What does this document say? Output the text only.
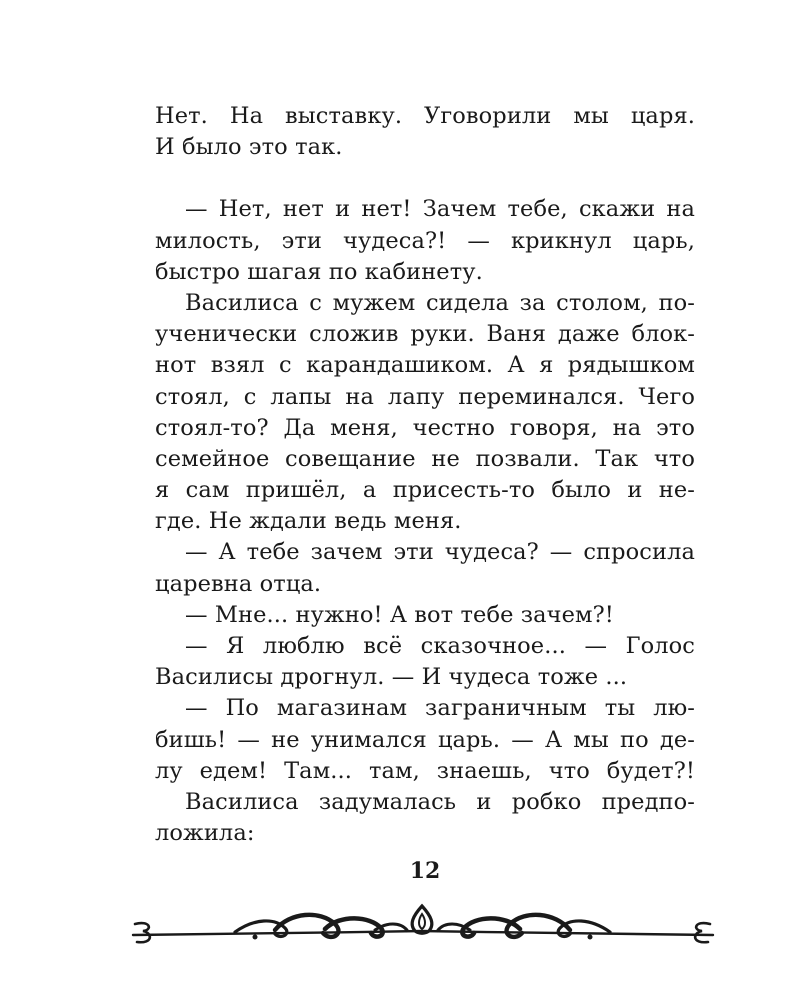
Нет. На выставку. Уговорили мы царя.
И было это так.
— Нет, нет и нет! Зачем тебе, скажи на
милость, эти чудеса?! — крикнул царь,
быстро шагая по кабинету.
Василиса с мужем сидела за столом, по-
ученически сложив руки. Ваня даже блок-
нот взял с карандашиком. А я рядышком
стоял, с лапы на лапу переминался. Чего
стоял-то? Да меня, честно говоря, на это
семейное совещание не позвали. Так что
я сам пришёл, а присесть-то было и не-
где. Не ждали ведь меня.
— А тебе зачем эти чудеса? — спросила
царевна отца.
— Мне... нужно! А вот тебе зачем?!
— Я люблю всё сказочное... — Голос
Василисы дрогнул. — И чудеса тоже ...
— По магазинам заграничным ты лю-
бишь! — не унимался царь. — А мы по де-
лу едем! Там... там, знаешь, что будет?!
Василиса задумалась и робко предпо-
ложила:
12
